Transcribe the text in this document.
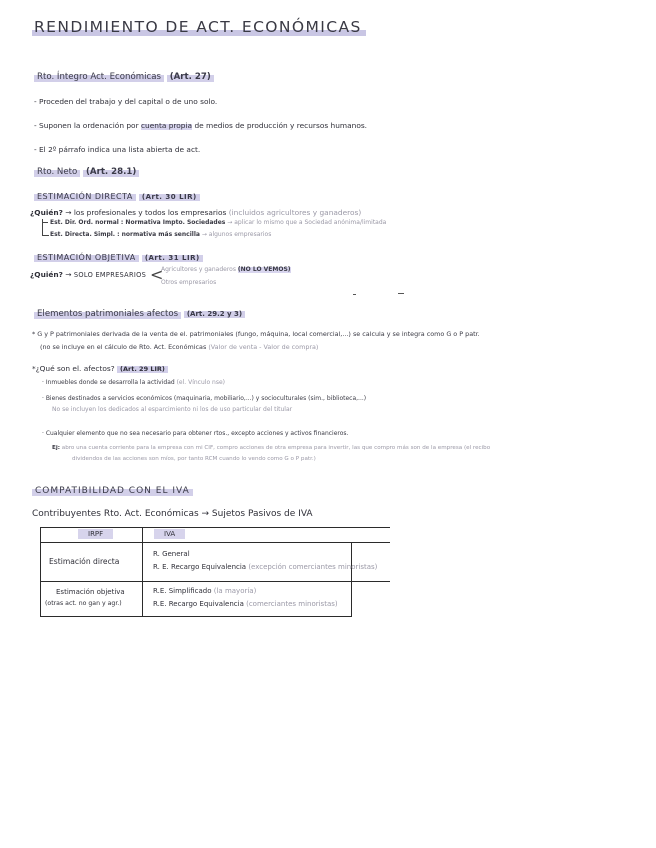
RENDIMIENTO DE ACT. ECONÓMICAS
Rto. Íntegro Act. Económicas (Art. 27)
- Proceden del trabajo y del capital o de uno solo.
- Suponen la ordenación por cuenta propia de medios de producción y recursos humanos.
- El 2º párrafo indica una lista abierta de act.
Rto. Neto (Art. 28.1)
ESTIMACIÓN DIRECTA (Art. 30 LIR)
¿Quién? → los profesionales y todos los empresarios (incluidos agricultores y ganaderos)
Est. Dir. Ord. normal : Normativa Impto. Sociedades → aplicar lo mismo que a Sociedad anónima/limitada
Est. Directa. Simpl. : normativa más sencilla → algunos empresarios
ESTIMACIÓN OBJETIVA (Art. 31 LIR)
¿Quién? → SOLO EMPRESARIOS <
Agricultores y ganaderos (NO LO VEMOS)
Otros empresarios
Elementos patrimoniales afectos (Art. 29.2 y 3)
* G y P patrimoniales derivada de la venta de el. patrimoniales (fungo, máquina, local comercial,...) se calcula y se integra como G o P patr.
(no se incluye en el cálculo de Rto. Act. Económicas (Valor de venta - Valor de compra)
*¿Qué son el. afectos? (Art. 29 LIR)
· Inmuebles donde se desarrolla la actividad (el. Vínculo nse)
· Bienes destinados a servicios económicos (maquinaria, mobiliario,...) y socioculturales (sim., biblioteca,...)
No se incluyen los dedicados al esparcimiento ni los de uso particular del titular
· Cualquier elemento que no sea necesario para obtener rtos., excepto acciones y activos financieros.
Ej: abro una cuenta corriente para la empresa con mi CIF, compro acciones de otra empresa para invertir, las que compro más son de la empresa (el recibo
dividendos de las acciones son míos, por tanto RCM cuando lo vendo como G o P patr.)
COMPATIBILIDAD CON EL IVA
Contribuyentes Rto. Act. Económicas → Sujetos Pasivos de IVA
IRPF	IVA
Estimación directa
R. General
R. E. Recargo Equivalencia (excepción comerciantes minoristas)
Estimación objetiva
(otras act. no gan y agr.)
R.E. Simplificado (la mayoría)
R.E. Recargo Equivalencia (comerciantes minoristas)
